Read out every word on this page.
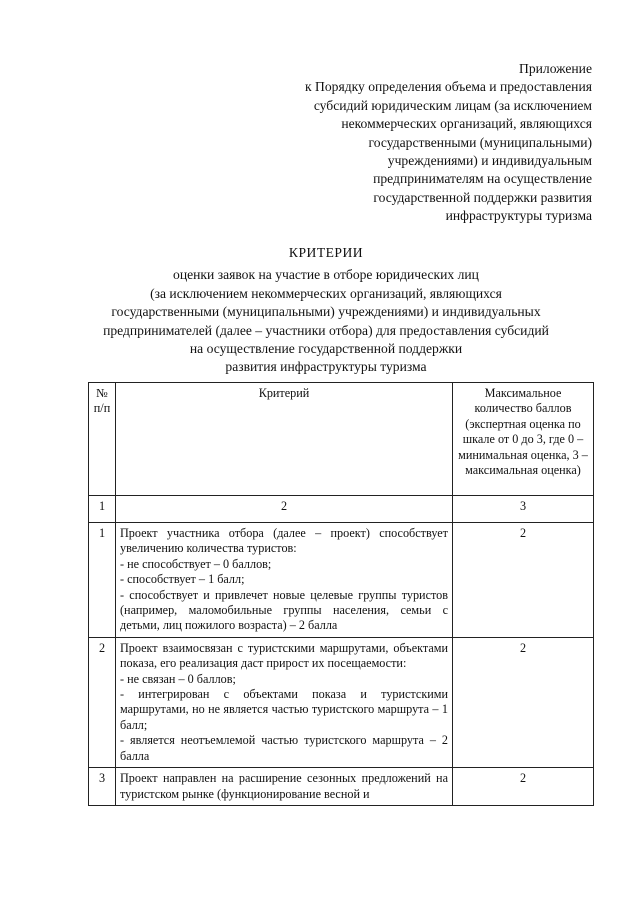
Приложение
к Порядку определения объема и предоставления
субсидий юридическим лицам (за исключением
некоммерческих организаций, являющихся
государственными (муниципальными)
учреждениями) и индивидуальным
предпринимателям на осуществление
государственной поддержки развития
инфраструктуры туризма
КРИТЕРИИ
оценки заявок на участие в отборе юридических лиц
(за исключением некоммерческих организаций, являющихся
государственными (муниципальными) учреждениями) и индивидуальных
предпринимателей (далее – участники отбора) для предоставления субсидий
на осуществление государственной поддержки
развития инфраструктуры туризма
№ п/п	Критерий	Максимальное количество баллов (экспертная оценка по шкале от 0 до 3, где 0 – минимальная оценка, 3 – максимальная оценка)
1	2	3
1	Проект участника отбора (далее – проект) способствует увеличению количества туристов:
- не способствует – 0 баллов;
- способствует – 1 балл;
- способствует и привлечет новые целевые группы туристов (например, маломобильные группы населения, семьи с детьми, лиц пожилого возраста) – 2 балла	2
2	Проект взаимосвязан с туристскими маршрутами, объектами показа, его реализация даст прирост их посещаемости:
- не связан – 0 баллов;
- интегрирован с объектами показа и туристскими маршрутами, но не является частью туристского маршрута – 1 балл;
- является неотъемлемой частью туристского маршрута – 2 балла	2
3	Проект направлен на расширение сезонных предложений на туристском рынке (функционирование весной и	2
